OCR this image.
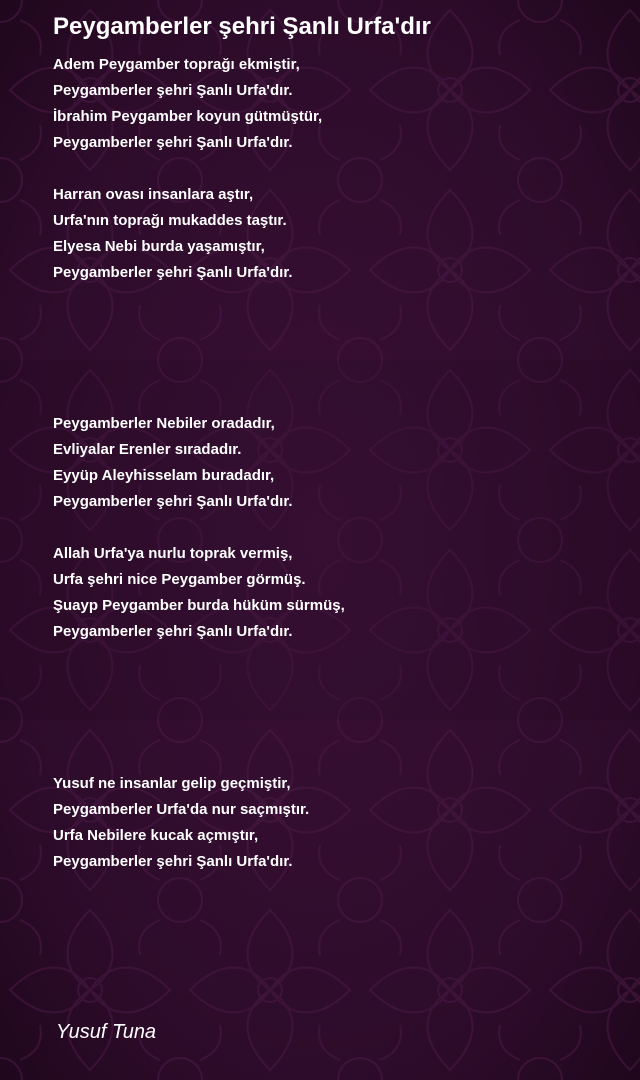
Peygamberler şehri Şanlı Urfa'dır
Adem Peygamber toprağı ekmiştir,
Peygamberler şehri Şanlı Urfa'dır.
İbrahim Peygamber koyun gütmüştür,
Peygamberler şehri Şanlı Urfa'dır.
Harran ovası insanlara aştır,
Urfa'nın toprağı mukaddes taştır.
Elyesa Nebi burda yaşamıştır,
Peygamberler şehri Şanlı Urfa'dır.
Peygamberler Nebiler oradadır,
Evliyalar Erenler sıradadır.
Eyyüp Aleyhisselam buradadır,
Peygamberler şehri Şanlı Urfa'dır.
Allah Urfa'ya nurlu toprak vermiş,
Urfa şehri nice Peygamber görmüş.
Şuayp Peygamber burda hüküm sürmüş,
Peygamberler şehri Şanlı Urfa'dır.
Yusuf ne insanlar gelip geçmiştir,
Peygamberler Urfa'da nur saçmıştır.
Urfa Nebilere kucak açmıştır,
Peygamberler şehri Şanlı Urfa'dır.
Yusuf Tuna
